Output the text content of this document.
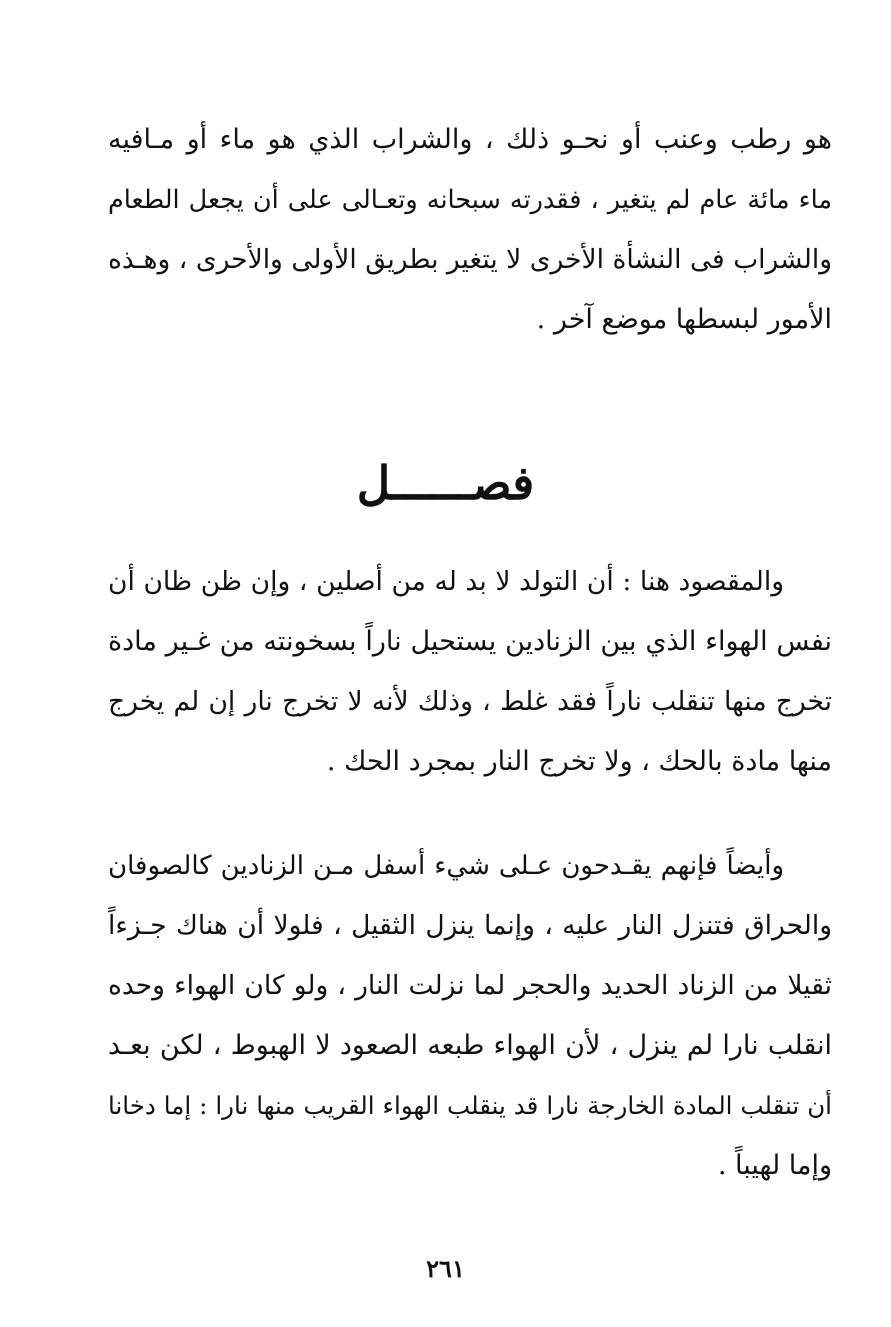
هو رطب وعنب أو نحـو ذلك ، والشراب الذي هو ماء أو مـافيه
ماء مائة عام لم يتغير ، فقدرته سبحانه وتعـالى على أن يجعل الطعام
والشراب فى النشأة الأخرى لا يتغير بطريق الأولى والأحرى ، وهـذه
الأمور لبسطها موضع آخر .
فصــــــل
والمقصود هنا : أن التولد لا بد له من أصلين ، وإن ظن ظان أن
نفس الهواء الذي بين الزنادين يستحيل ناراً بسخونته من غـير مادة
تخرج منها تنقلب ناراً فقد غلط ، وذلك لأنه لا تخرج نار إن لم يخرج
منها مادة بالحك ، ولا تخرج النار بمجرد الحك .
وأيضاً فإنهم يقـدحون عـلى شيء أسفل مـن الزنادين كالصوفان
والحراق فتنزل النار عليه ، وإنما ينزل الثقيل ، فلولا أن هناك جـزءاً
ثقيلا من الزناد الحديد والحجر لما نزلت النار ، ولو كان الهواء وحده
انقلب نارا لم ينزل ، لأن الهواء طبعه الصعود لا الهبوط ، لكن بعـد
أن تنقلب المادة الخارجة نارا قد ينقلب الهواء القريب منها نارا : إما دخانا
وإما لهيباً .
٢٦١
